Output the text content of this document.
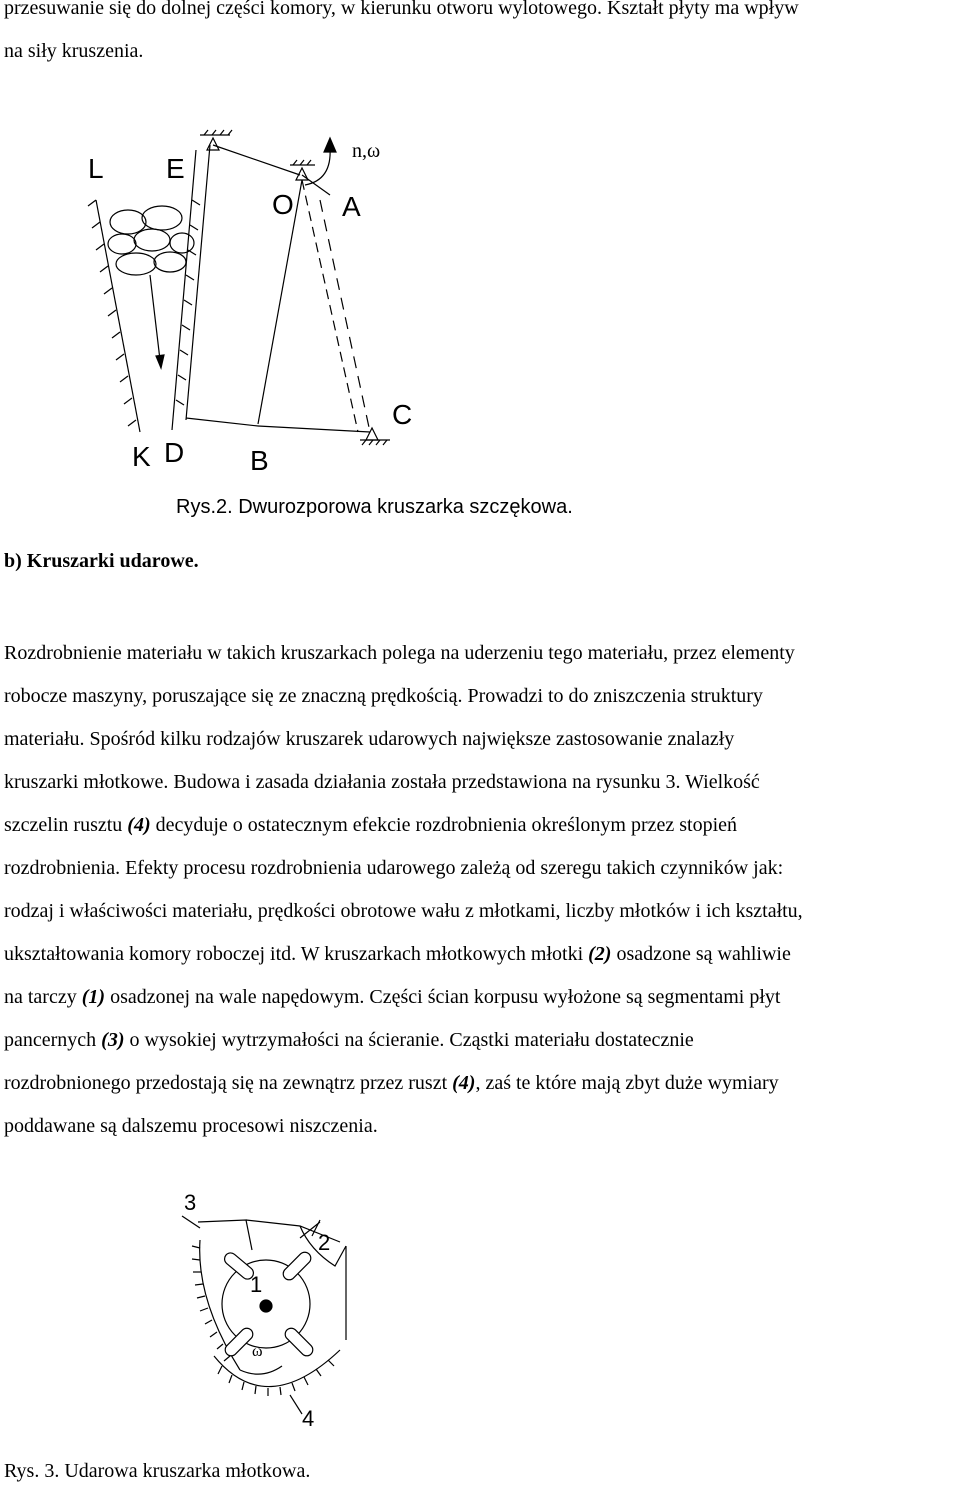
przesuwanie się do dolnej części komory, w kierunku otworu wylotowego. Kształt płyty ma wpływ
na siły kruszenia.
L E
O A
C
K D B
n,ω
Rys.2. Dwurozporowa kruszarka szczękowa.
b) Kruszarki udarowe.
Rozdrobnienie materiału w takich kruszarkach polega na uderzeniu tego materiału, przez elementy
robocze maszyny, poruszające się ze znaczną prędkością. Prowadzi to do zniszczenia struktury
materiału. Spośród kilku rodzajów kruszarek udarowych największe zastosowanie znalazły
kruszarki młotkowe. Budowa i zasada działania została przedstawiona na rysunku 3. Wielkość
szczelin rusztu (4) decyduje o ostatecznym efekcie rozdrobnienia określonym przez stopień
rozdrobnienia. Efekty procesu rozdrobnienia udarowego zależą od szeregu takich czynników jak:
rodzaj i właściwości materiału, prędkości obrotowe wału z młotkami, liczby młotków i ich kształtu,
ukształtowania komory roboczej itd. W kruszarkach młotkowych młotki (2) osadzone są wahliwie
na tarczy (1) osadzonej na wale napędowym. Części ścian korpusu wyłożone są segmentami płyt
pancernych (3) o wysokiej wytrzymałości na ścieranie. Cząstki materiału dostatecznie
rozdrobnionego przedostają się na zewnątrz przez ruszt (4), zaś te które mają zbyt duże wymiary
poddawane są dalszemu procesowi niszczenia.
3
2
1
4
ω
Rys. 3. Udarowa kruszarka młotkowa.
